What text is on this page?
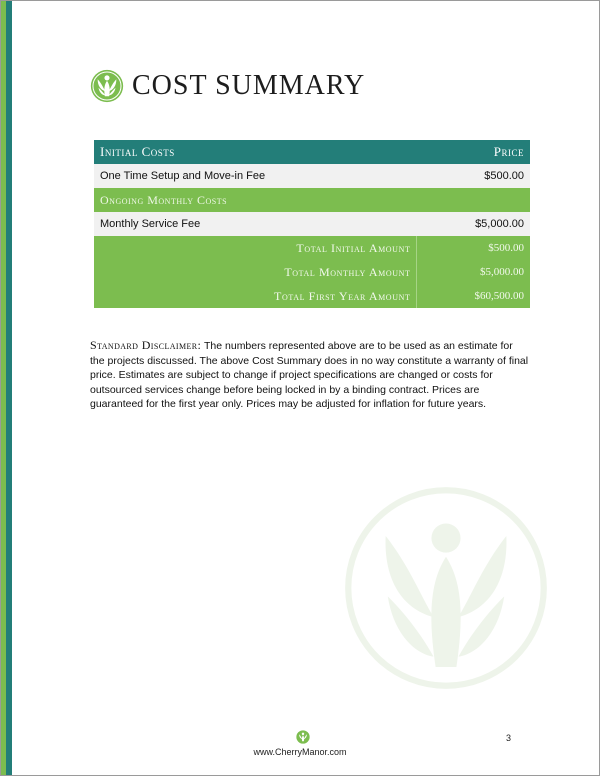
COST SUMMARY
Initial Costs	Price
One Time Setup and Move-in Fee	$500.00
Ongoing Monthly Costs	
Monthly Service Fee	$5,000.00
Total Initial Amount	$500.00
Total Monthly Amount	$5,000.00
Total First Year Amount	$60,500.00
Standard Disclaimer: The numbers represented above are to be used as an estimate for the projects discussed. The above Cost Summary does in no way constitute a warranty of final price. Estimates are subject to change if project specifications are changed or costs for outsourced services change before being locked in by a binding contract. Prices are guaranteed for the first year only. Prices may be adjusted for inflation for future years.
www.CherryManor.com
3
